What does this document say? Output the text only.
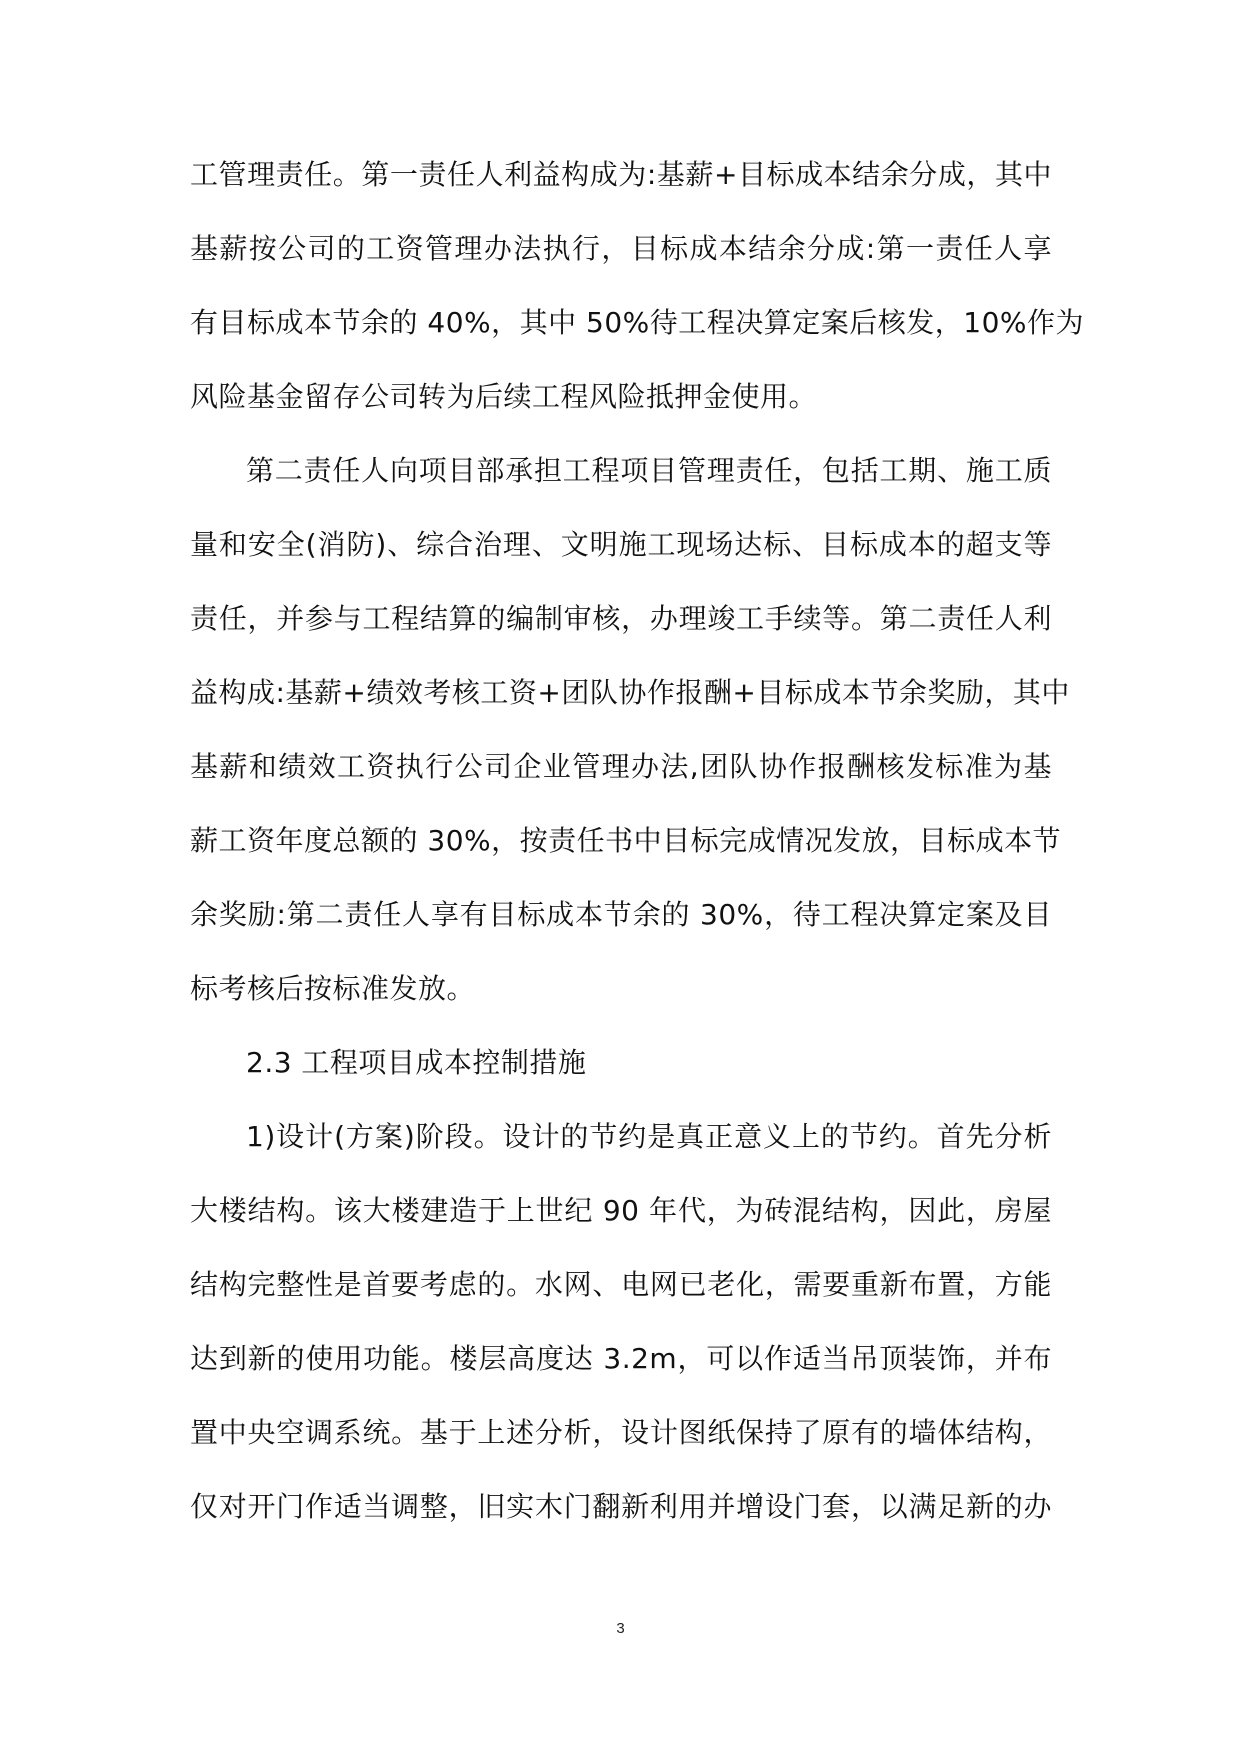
工管理责任。第一责任人利益构成为:基薪+目标成本结余分成，其中
基薪按公司的工资管理办法执行，目标成本结余分成:第一责任人享
有目标成本节余的 40%，其中 50%待工程决算定案后核发，10%作为
风险基金留存公司转为后续工程风险抵押金使用。
第二责任人向项目部承担工程项目管理责任，包括工期、施工质
量和安全(消防)、综合治理、文明施工现场达标、目标成本的超支等
责任，并参与工程结算的编制审核，办理竣工手续等。第二责任人利
益构成:基薪+绩效考核工资+团队协作报酬+目标成本节余奖励，其中
基薪和绩效工资执行公司企业管理办法,团队协作报酬核发标准为基
薪工资年度总额的 30%，按责任书中目标完成情况发放，目标成本节
余奖励:第二责任人享有目标成本节余的 30%，待工程决算定案及目
标考核后按标准发放。
2.3 工程项目成本控制措施
1)设计(方案)阶段。设计的节约是真正意义上的节约。首先分析
大楼结构。该大楼建造于上世纪 90 年代，为砖混结构，因此，房屋
结构完整性是首要考虑的。水网、电网已老化，需要重新布置，方能
达到新的使用功能。楼层高度达 3.2m，可以作适当吊顶装饰，并布
置中央空调系统。基于上述分析，设计图纸保持了原有的墙体结构，
仅对开门作适当调整，旧实木门翻新利用并增设门套，以满足新的办
3
